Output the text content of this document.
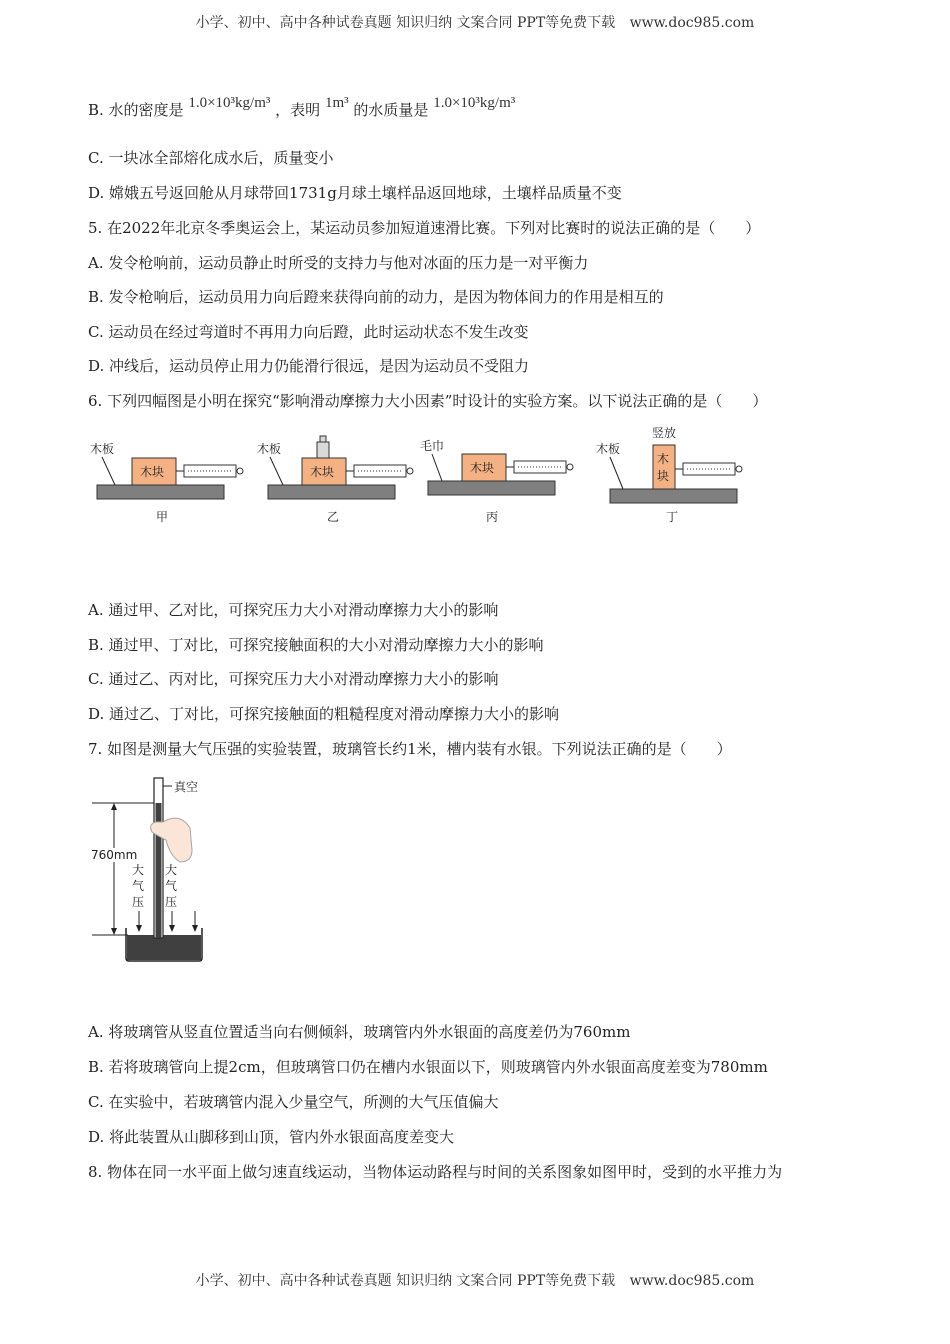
小学、初中、高中各种试卷真题 知识归纳 文案合同 PPT等免费下载 www.doc985.com
B. 水的密度是 1.0×10³kg/m³ ，表明 1m³ 的水质量是 1.0×10³kg/m³
C. 一块冰全部熔化成水后，质量变小
D. 嫦娥五号返回舱从月球带回1731g月球土壤样品返回地球，土壤样品质量不变
5. 在2022年北京冬季奥运会上，某运动员参加短道速滑比赛。下列对比赛时的说法正确的是（　　）
A. 发令枪响前，运动员静止时所受的支持力与他对冰面的压力是一对平衡力
B. 发令枪响后，运动员用力向后蹬来获得向前的动力，是因为物体间力的作用是相互的
C. 运动员在经过弯道时不再用力向后蹬，此时运动状态不发生改变
D. 冲线后，运动员停止用力仍能滑行很远，是因为运动员不受阻力
6. 下列四幅图是小明在探究“影响滑动摩擦力大小因素”时设计的实验方案。以下说法正确的是（　　）
木板
木块
甲
木板
木块
乙
毛巾
木块
丙
木板
竖放
木
块
丁
A. 通过甲、乙对比，可探究压力大小对滑动摩擦力大小的影响
B. 通过甲、丁对比，可探究接触面积的大小对滑动摩擦力大小的影响
C. 通过乙、丙对比，可探究压力大小对滑动摩擦力大小的影响
D. 通过乙、丁对比，可探究接触面的粗糙程度对滑动摩擦力大小的影响
7. 如图是测量大气压强的实验装置，玻璃管长约1米，槽内装有水银。下列说法正确的是（　　）
760mm
真空
大
气
压
大
气
压
A. 将玻璃管从竖直位置适当向右侧倾斜，玻璃管内外水银面的高度差仍为760mm
B. 若将玻璃管向上提2cm，但玻璃管口仍在槽内水银面以下，则玻璃管内外水银面高度差变为780mm
C. 在实验中，若玻璃管内混入少量空气，所测的大气压值偏大
D. 将此装置从山脚移到山顶，管内外水银面高度差变大
8. 物体在同一水平面上做匀速直线运动，当物体运动路程与时间的关系图象如图甲时，受到的水平推力为
小学、初中、高中各种试卷真题 知识归纳 文案合同 PPT等免费下载 www.doc985.com
